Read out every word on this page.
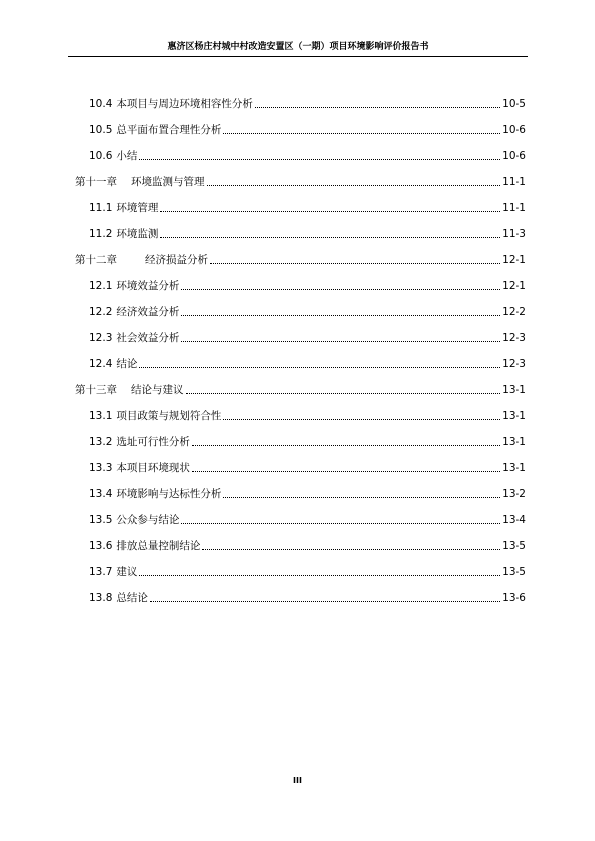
惠济区杨庄村城中村改造安置区（一期）项目环境影响评价报告书
10.4 本项目与周边环境相容性分析	10-5
10.5 总平面布置合理性分析	10-6
10.6 小结	10-6
第十一章 环境监测与管理	11-1
11.1 环境管理	11-1
11.2 环境监测	11-3
第十二章	经济损益分析	12-1
12.1 环境效益分析	12-1
12.2 经济效益分析	12-2
12.3 社会效益分析	12-3
12.4 结论	12-3
第十三章 结论与建议	13-1
13.1 项目政策与规划符合性	13-1
13.2 选址可行性分析	13-1
13.3 本项目环境现状	13-1
13.4 环境影响与达标性分析	13-2
13.5 公众参与结论	13-4
13.6 排放总量控制结论	13-5
13.7 建议	13-5
13.8 总结论	13-6
III
